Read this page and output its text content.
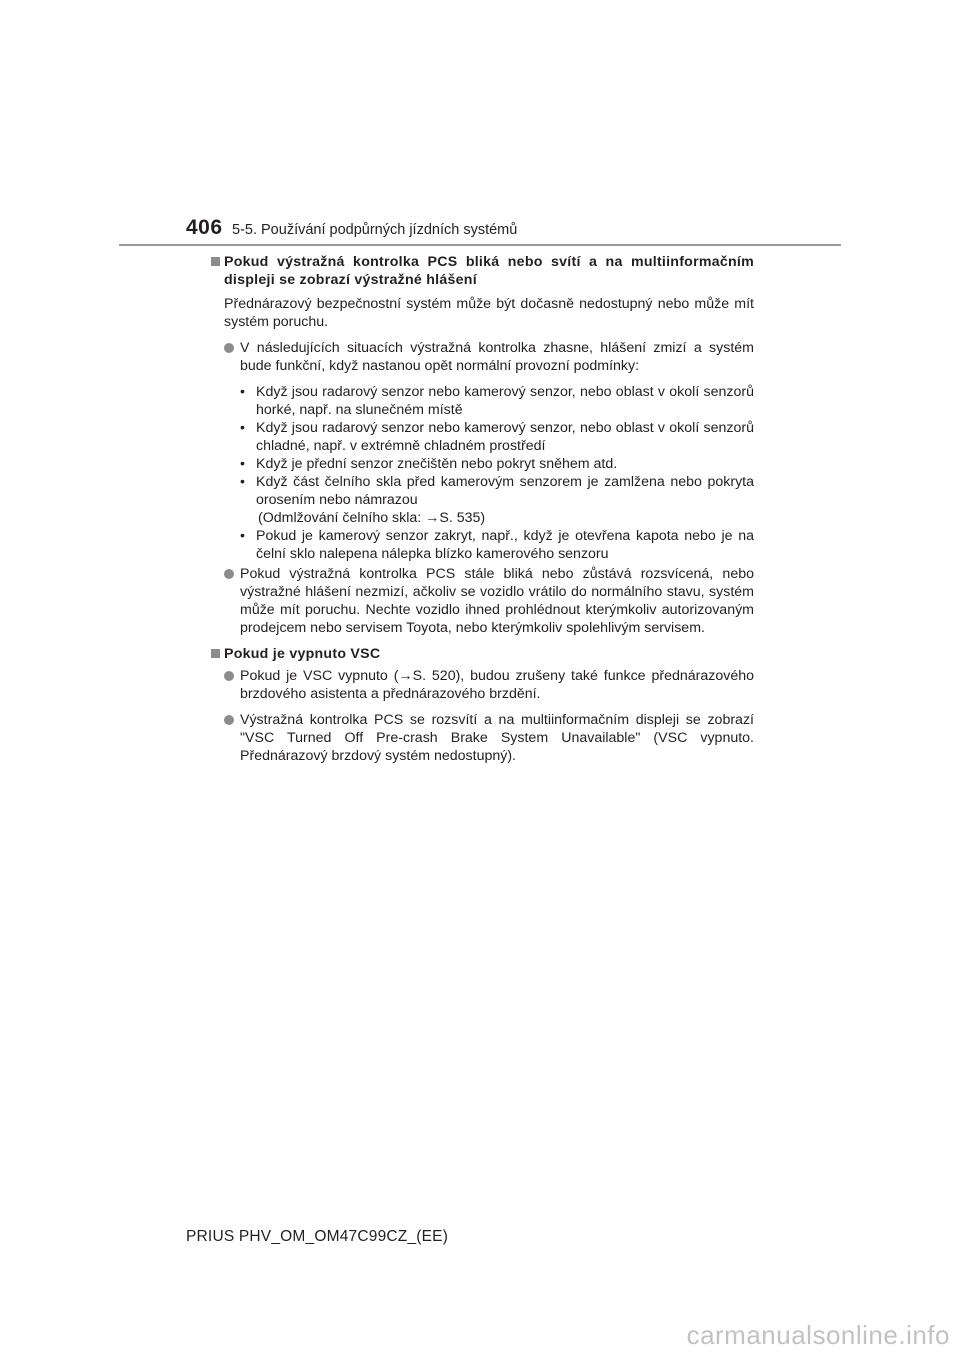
406 5-5. Používání podpůrných jízdních systémů
Pokud výstražná kontrolka PCS bliká nebo svítí a na multiinformačním displeji se zobrazí výstražné hlášení
Přednárazový bezpečnostní systém může být dočasně nedostupný nebo může mít systém poruchu.
V následujících situacích výstražná kontrolka zhasne, hlášení zmizí a systém bude funkční, když nastanou opět normální provozní podmínky:
• Když jsou radarový senzor nebo kamerový senzor, nebo oblast v okolí senzorů horké, např. na slunečném místě
• Když jsou radarový senzor nebo kamerový senzor, nebo oblast v okolí senzorů chladné, např. v extrémně chladném prostředí
• Když je přední senzor znečištěn nebo pokryt sněhem atd.
• Když část čelního skla před kamerovým senzorem je zamlžena nebo pokryta orosením nebo námrazou
(Odmlžování čelního skla: →S. 535)
• Pokud je kamerový senzor zakryt, např., když je otevřena kapota nebo je na čelní sklo nalepena nálepka blízko kamerového senzoru
Pokud výstražná kontrolka PCS stále bliká nebo zůstává rozsvícená, nebo výstražné hlášení nezmizí, ačkoliv se vozidlo vrátilo do normálního stavu, systém může mít poruchu. Nechte vozidlo ihned prohlédnout kterýmkoliv autorizovaným prodejcem nebo servisem Toyota, nebo kterýmkoliv spolehlivým servisem.
Pokud je vypnuto VSC
Pokud je VSC vypnuto (→S. 520), budou zrušeny také funkce přednárazového brzdového asistenta a přednárazového brzdění.
Výstražná kontrolka PCS se rozsvítí a na multiinformačním displeji se zobrazí "VSC Turned Off Pre-crash Brake System Unavailable" (VSC vypnuto. Přednárazový brzdový systém nedostupný).
PRIUS PHV_OM_OM47C99CZ_(EE)
carmanualsonline.info
